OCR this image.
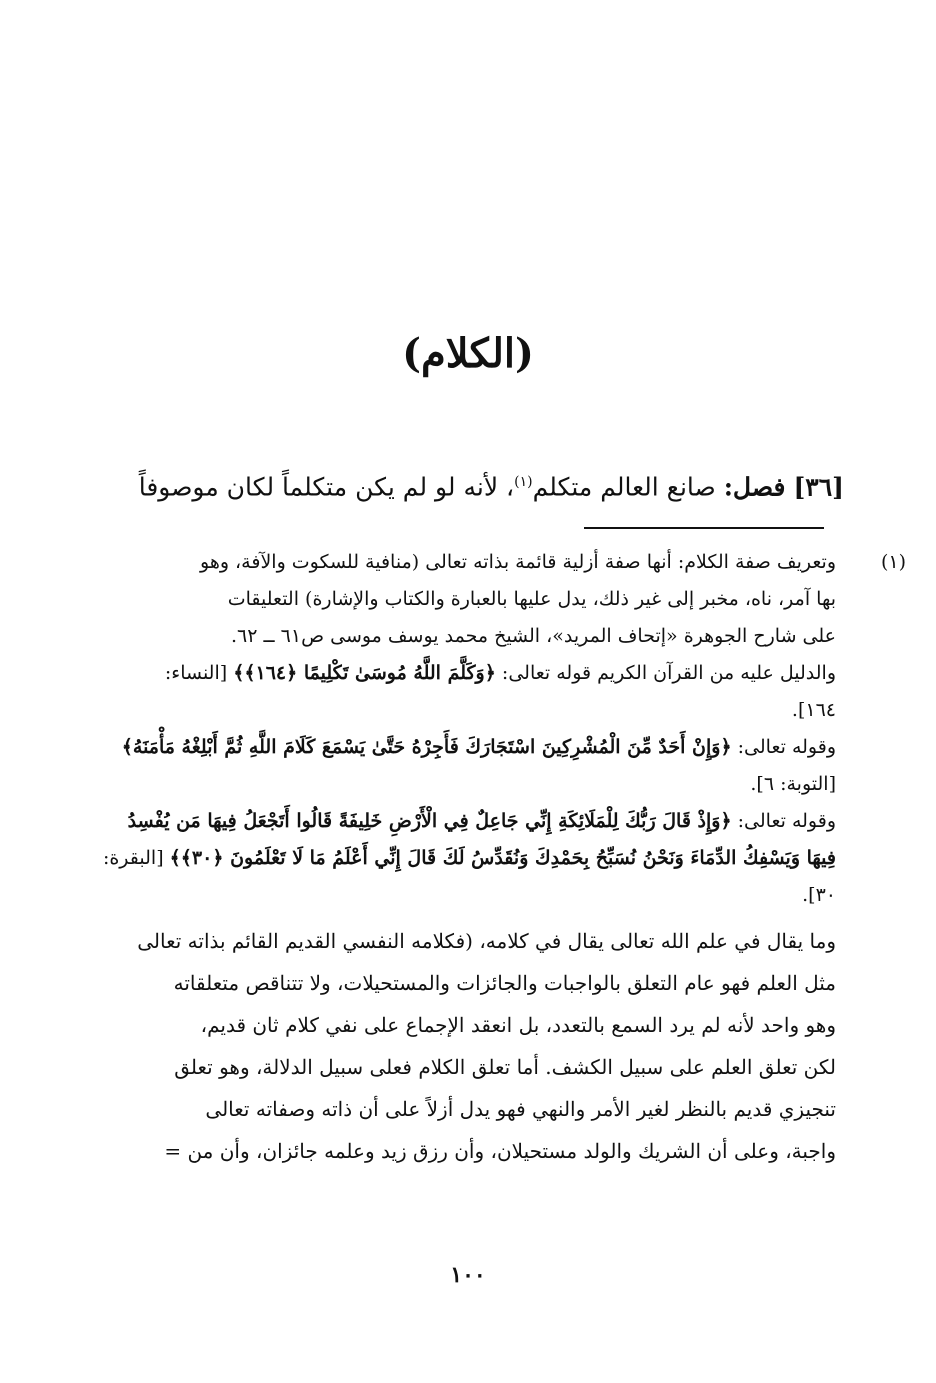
(الكلام)
[٣٦] فصل: صانع العالم متكلم$^{(١)}$، لأنه لو لم يكن متكلماً لكان موصوفاً
(١)
وتعريف صفة الكلام: أنها صفة أزلية قائمة بذاته تعالى (منافية للسكوت والآفة، وهو
بها آمر، ناه، مخبر إلى غير ذلك، يدل عليها بالعبارة والكتاب والإشارة) التعليقات
على شارح الجوهرة «إتحاف المريد»، الشيخ محمد يوسف موسى ص٦١ ــ ٦٢.
والدليل عليه من القرآن الكريم قوله تعالى: ﴿وَكَلَّمَ اللَّهُ مُوسَىٰ تَكْلِيمًا ﴿١٦٤﴾﴾ [النساء:
١٦٤].
وقوله تعالى: ﴿وَإِنْ أَحَدٌ مِّنَ الْمُشْرِكِينَ اسْتَجَارَكَ فَأَجِرْهُ حَتَّىٰ يَسْمَعَ كَلَامَ اللَّهِ ثُمَّ أَبْلِغْهُ مَأْمَنَهُ﴾
[التوبة: ٦].
وقوله تعالى: ﴿وَإِذْ قَالَ رَبُّكَ لِلْمَلَائِكَةِ إِنِّي جَاعِلٌ فِي الْأَرْضِ خَلِيفَةً قَالُوا أَتَجْعَلُ فِيهَا مَن يُفْسِدُ
فِيهَا وَيَسْفِكُ الدِّمَاءَ وَنَحْنُ نُسَبِّحُ بِحَمْدِكَ وَنُقَدِّسُ لَكَ قَالَ إِنِّي أَعْلَمُ مَا لَا تَعْلَمُونَ ﴿٣٠﴾﴾ [البقرة:
٣٠].
وما يقال في علم الله تعالى يقال في كلامه، (فكلامه النفسي القديم القائم بذاته تعالى
مثل العلم فهو عام التعلق بالواجبات والجائزات والمستحيلات، ولا تتناقص متعلقاته
وهو واحد لأنه لم يرد السمع بالتعدد، بل انعقد الإجماع على نفي كلام ثان قديم،
لكن تعلق العلم على سبيل الكشف. أما تعلق الكلام فعلى سبيل الدلالة، وهو تعلق
تنجيزي قديم بالنظر لغير الأمر والنهي فهو يدل أزلاً على أن ذاته وصفاته تعالى
واجبة، وعلى أن الشريك والولد مستحيلان، وأن رزق زيد وعلمه جائزان، وأن من =
١٠٠
